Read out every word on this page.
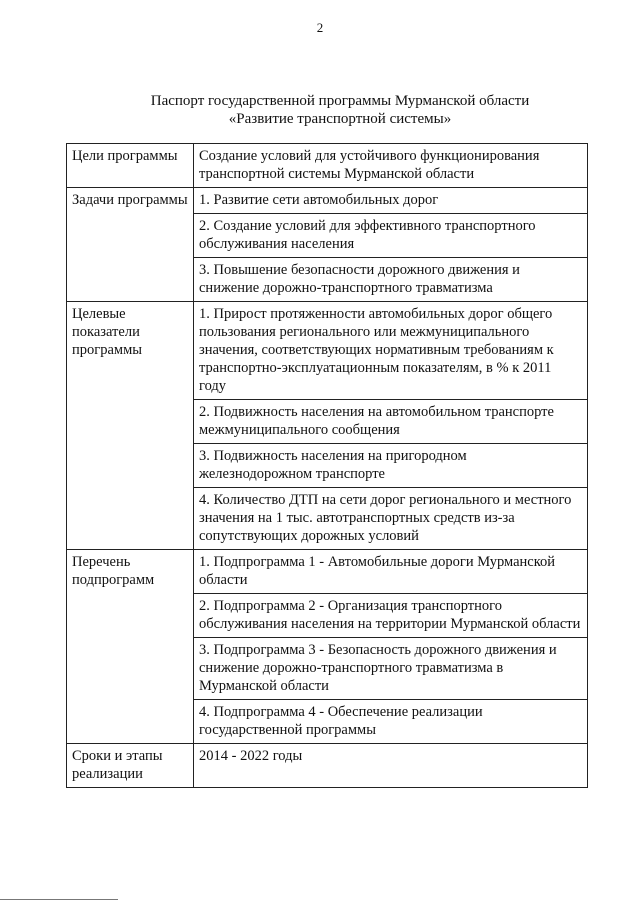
2
Паспорт государственной программы Мурманской области
«Развитие транспортной системы»
Цели программы	Создание условий для устойчивого функционирования транспортной системы Мурманской области
Задачи программы	1. Развитие сети автомобильных дорог
	2. Создание условий для эффективного транспортного обслуживания населения
	3. Повышение безопасности дорожного движения и снижение дорожно-транспортного травматизма
Целевые показатели программы	1. Прирост протяженности автомобильных дорог общего пользования регионального или межмуниципального значения, соответствующих нормативным требованиям к транспортно-эксплуатационным показателям, в % к 2011 году
	2. Подвижность населения на автомобильном транспорте межмуниципального сообщения
	3. Подвижность населения на пригородном железнодорожном транспорте
	4. Количество ДТП на сети дорог регионального и местного значения на 1 тыс. автотранспортных средств из-за сопутствующих дорожных условий
Перечень подпрограмм	1. Подпрограмма 1 - Автомобильные дороги Мурманской области
	2. Подпрограмма 2 - Организация транспортного обслуживания населения на территории Мурманской области
	3. Подпрограмма 3 - Безопасность дорожного движения и снижение дорожно-транспортного травматизма в Мурманской области
	4. Подпрограмма 4 - Обеспечение реализации государственной программы
Сроки и этапы реализации	2014 - 2022 годы
